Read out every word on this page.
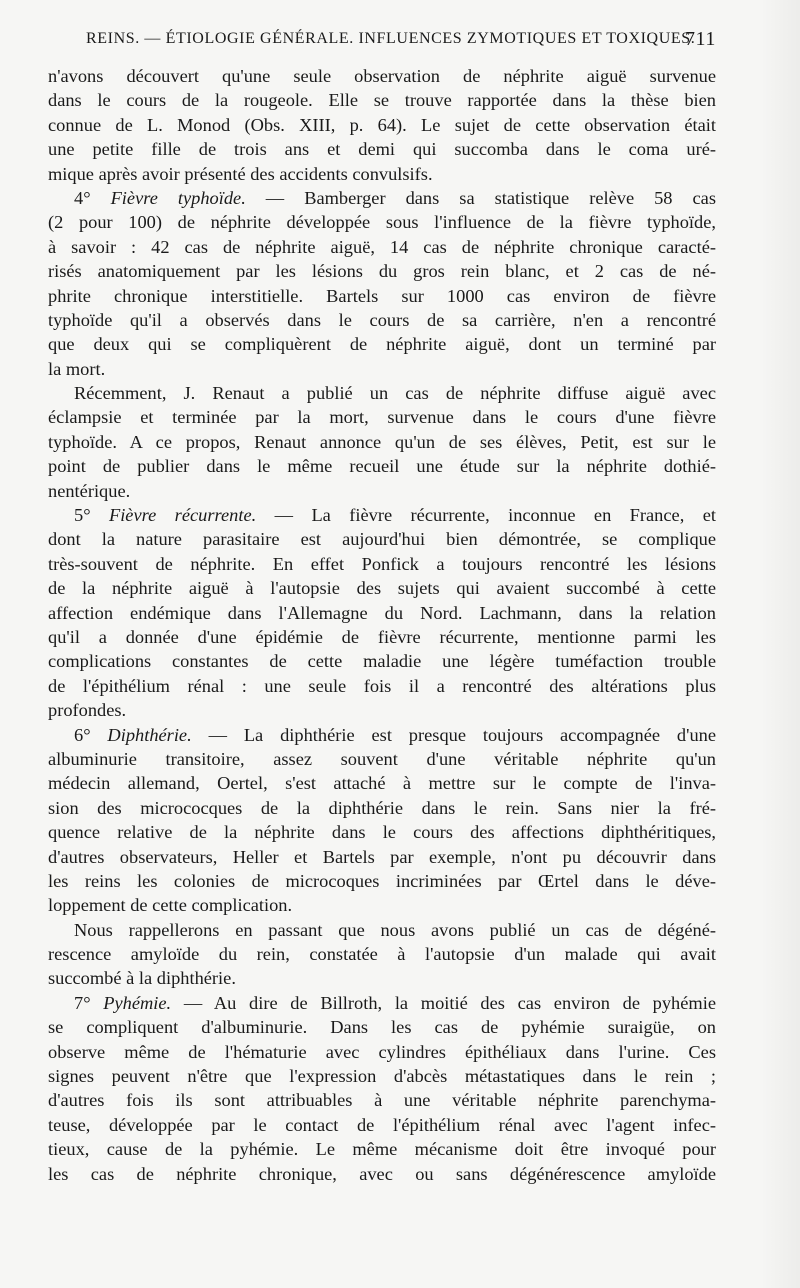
REINS. — ÉTIOLOGIE GÉNÉRALE. INFLUENCES ZYMOTIQUES ET TOXIQUES.
711
n'avons découvert qu'une seule observation de néphrite aiguë survenue
dans le cours de la rougeole. Elle se trouve rapportée dans la thèse bien
connue de L. Monod (Obs. XIII, p. 64). Le sujet de cette observation était
une petite fille de trois ans et demi qui succomba dans le coma uré-
mique après avoir présenté des accidents convulsifs.
4° Fièvre typhoïde. — Bamberger dans sa statistique relève 58 cas
(2 pour 100) de néphrite développée sous l'influence de la fièvre typhoïde,
à savoir : 42 cas de néphrite aiguë, 14 cas de néphrite chronique caracté-
risés anatomiquement par les lésions du gros rein blanc, et 2 cas de né-
phrite chronique interstitielle. Bartels sur 1000 cas environ de fièvre
typhoïde qu'il a observés dans le cours de sa carrière, n'en a rencontré
que deux qui se compliquèrent de néphrite aiguë, dont un terminé par
la mort.
Récemment, J. Renaut a publié un cas de néphrite diffuse aiguë avec
éclampsie et terminée par la mort, survenue dans le cours d'une fièvre
typhoïde. A ce propos, Renaut annonce qu'un de ses élèves, Petit, est sur le
point de publier dans le même recueil une étude sur la néphrite dothié-
nentérique.
5° Fièvre récurrente. — La fièvre récurrente, inconnue en France, et
dont la nature parasitaire est aujourd'hui bien démontrée, se complique
très-souvent de néphrite. En effet Ponfick a toujours rencontré les lésions
de la néphrite aiguë à l'autopsie des sujets qui avaient succombé à cette
affection endémique dans l'Allemagne du Nord. Lachmann, dans la relation
qu'il a donnée d'une épidémie de fièvre récurrente, mentionne parmi les
complications constantes de cette maladie une légère tuméfaction trouble
de l'épithélium rénal : une seule fois il a rencontré des altérations plus
profondes.
6° Diphthérie. — La diphthérie est presque toujours accompagnée d'une
albuminurie transitoire, assez souvent d'une véritable néphrite qu'un
médecin allemand, Oertel, s'est attaché à mettre sur le compte de l'inva-
sion des micrococques de la diphthérie dans le rein. Sans nier la fré-
quence relative de la néphrite dans le cours des affections diphthéritiques,
d'autres observateurs, Heller et Bartels par exemple, n'ont pu découvrir dans
les reins les colonies de microcoques incriminées par Œrtel dans le déve-
loppement de cette complication.
Nous rappellerons en passant que nous avons publié un cas de dégéné-
rescence amyloïde du rein, constatée à l'autopsie d'un malade qui avait
succombé à la diphthérie.
7° Pyhémie. — Au dire de Billroth, la moitié des cas environ de pyhémie
se compliquent d'albuminurie. Dans les cas de pyhémie suraigüe, on
observe même de l'hématurie avec cylindres épithéliaux dans l'urine. Ces
signes peuvent n'être que l'expression d'abcès métastatiques dans le rein ;
d'autres fois ils sont attribuables à une véritable néphrite parenchyma-
teuse, développée par le contact de l'épithélium rénal avec l'agent infec-
tieux, cause de la pyhémie. Le même mécanisme doit être invoqué pour
les cas de néphrite chronique, avec ou sans dégénérescence amyloïde
